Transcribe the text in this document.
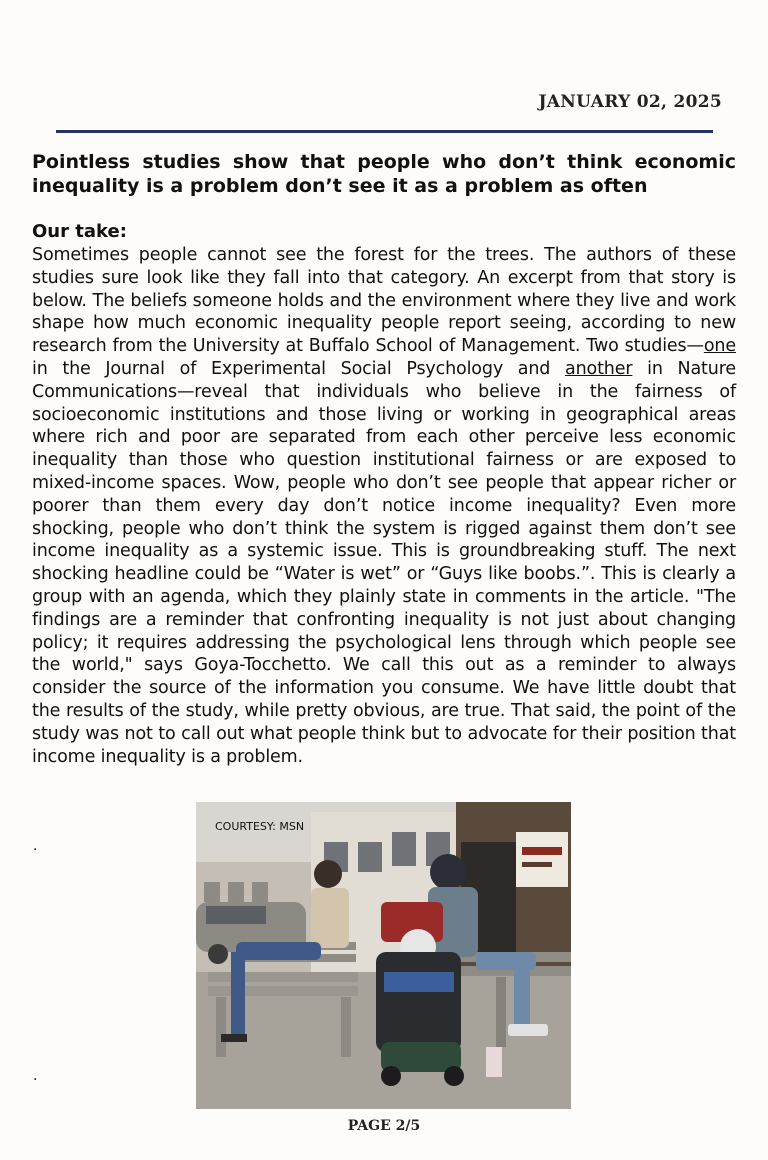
JANUARY 02, 2025
Pointless studies show that people who don’t think economic inequality is a problem don’t see it as a problem as often
Our take:
Sometimes people cannot see the forest for the trees. The authors of these studies sure look like they fall into that category. An excerpt from that story is below. The beliefs someone holds and the environment where they live and work shape how much economic inequality people report seeing, according to new research from the University at Buffalo School of Management. Two studies—one in the Journal of Experimental Social Psychology and another in Nature Communications—reveal that individuals who believe in the fairness of socioeconomic institutions and those living or working in geographical areas where rich and poor are separated from each other perceive less economic inequality than those who question institutional fairness or are exposed to mixed-income spaces. Wow, people who don’t see people that appear richer or poorer than them every day don’t notice income inequality? Even more shocking, people who don’t think the system is rigged against them don’t see income inequality as a systemic issue. This is groundbreaking stuff. The next shocking headline could be “Water is wet” or “Guys like boobs.”. This is clearly a group with an agenda, which they plainly state in comments in the article. "The findings are a reminder that confronting inequality is not just about changing policy; it requires addressing the psychological lens through which people see the world," says Goya-Tocchetto. We call this out as a reminder to always consider the source of the information you consume. We have little doubt that the results of the study, while pretty obvious, are true. That said, the point of the study was not to call out what people think but to advocate for their position that income inequality is a problem.
.
.
COURTESY: MSN
PAGE 2/5
